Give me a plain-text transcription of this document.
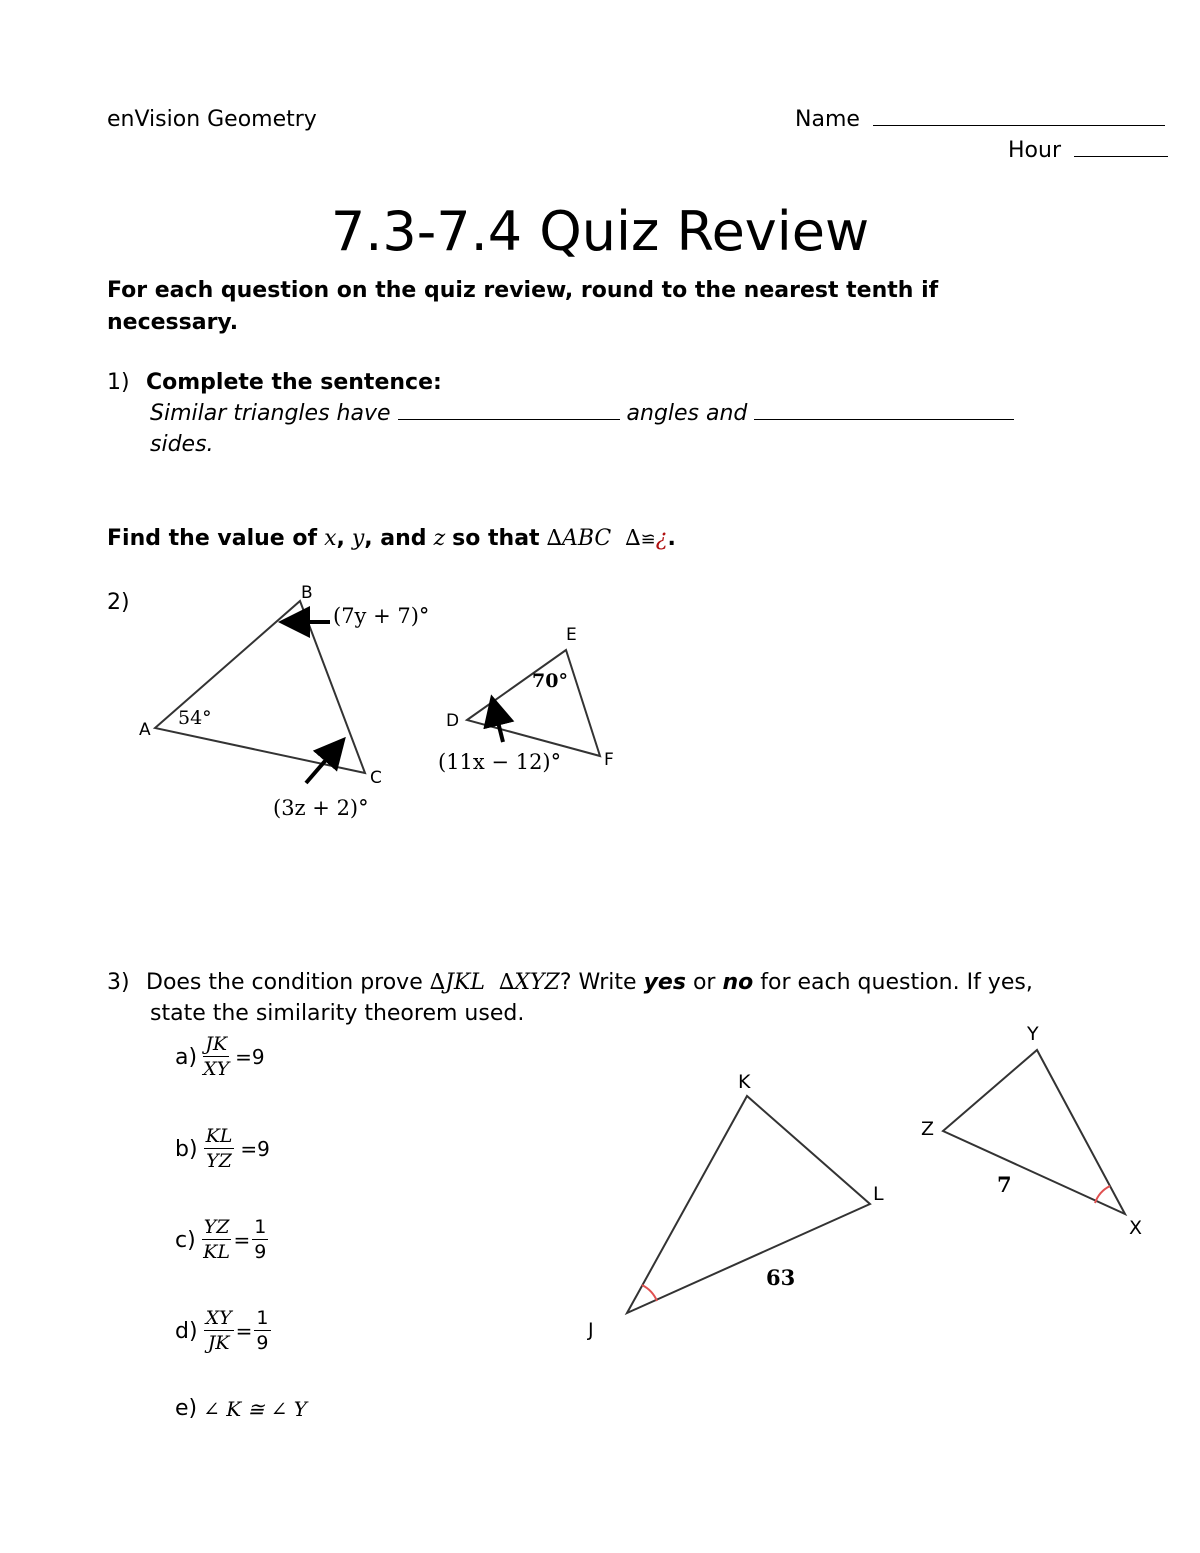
enVision Geometry	Name
Hour
7.3-7.4 Quiz Review
For each question on the quiz review, round to the nearest tenth if necessary.
1) Complete the sentence:
Similar triangles have	angles and
sides.
Find the value of x, y, and z so that ∆ABC ∆≌¿.
2)
A
B
C
54°
(7y + 7)°
(3z + 2)°
D
E
F
70°
(11x − 12)°
J
K
L
63
Y
Z
X
7
3) Does the condition prove ∆JKL ∆XYZ? Write yes or no for each question. If yes,
state the similarity theorem used.
$a) \frac{JK}{XY} =9$
$b) \frac{KL}{YZ} =9$
$c) \frac{YZ}{KL} = \frac{1}{9}$
$d) \frac{XY}{JK} = \frac{1}{9}$
e) ∠ K ≅ ∠ Y
